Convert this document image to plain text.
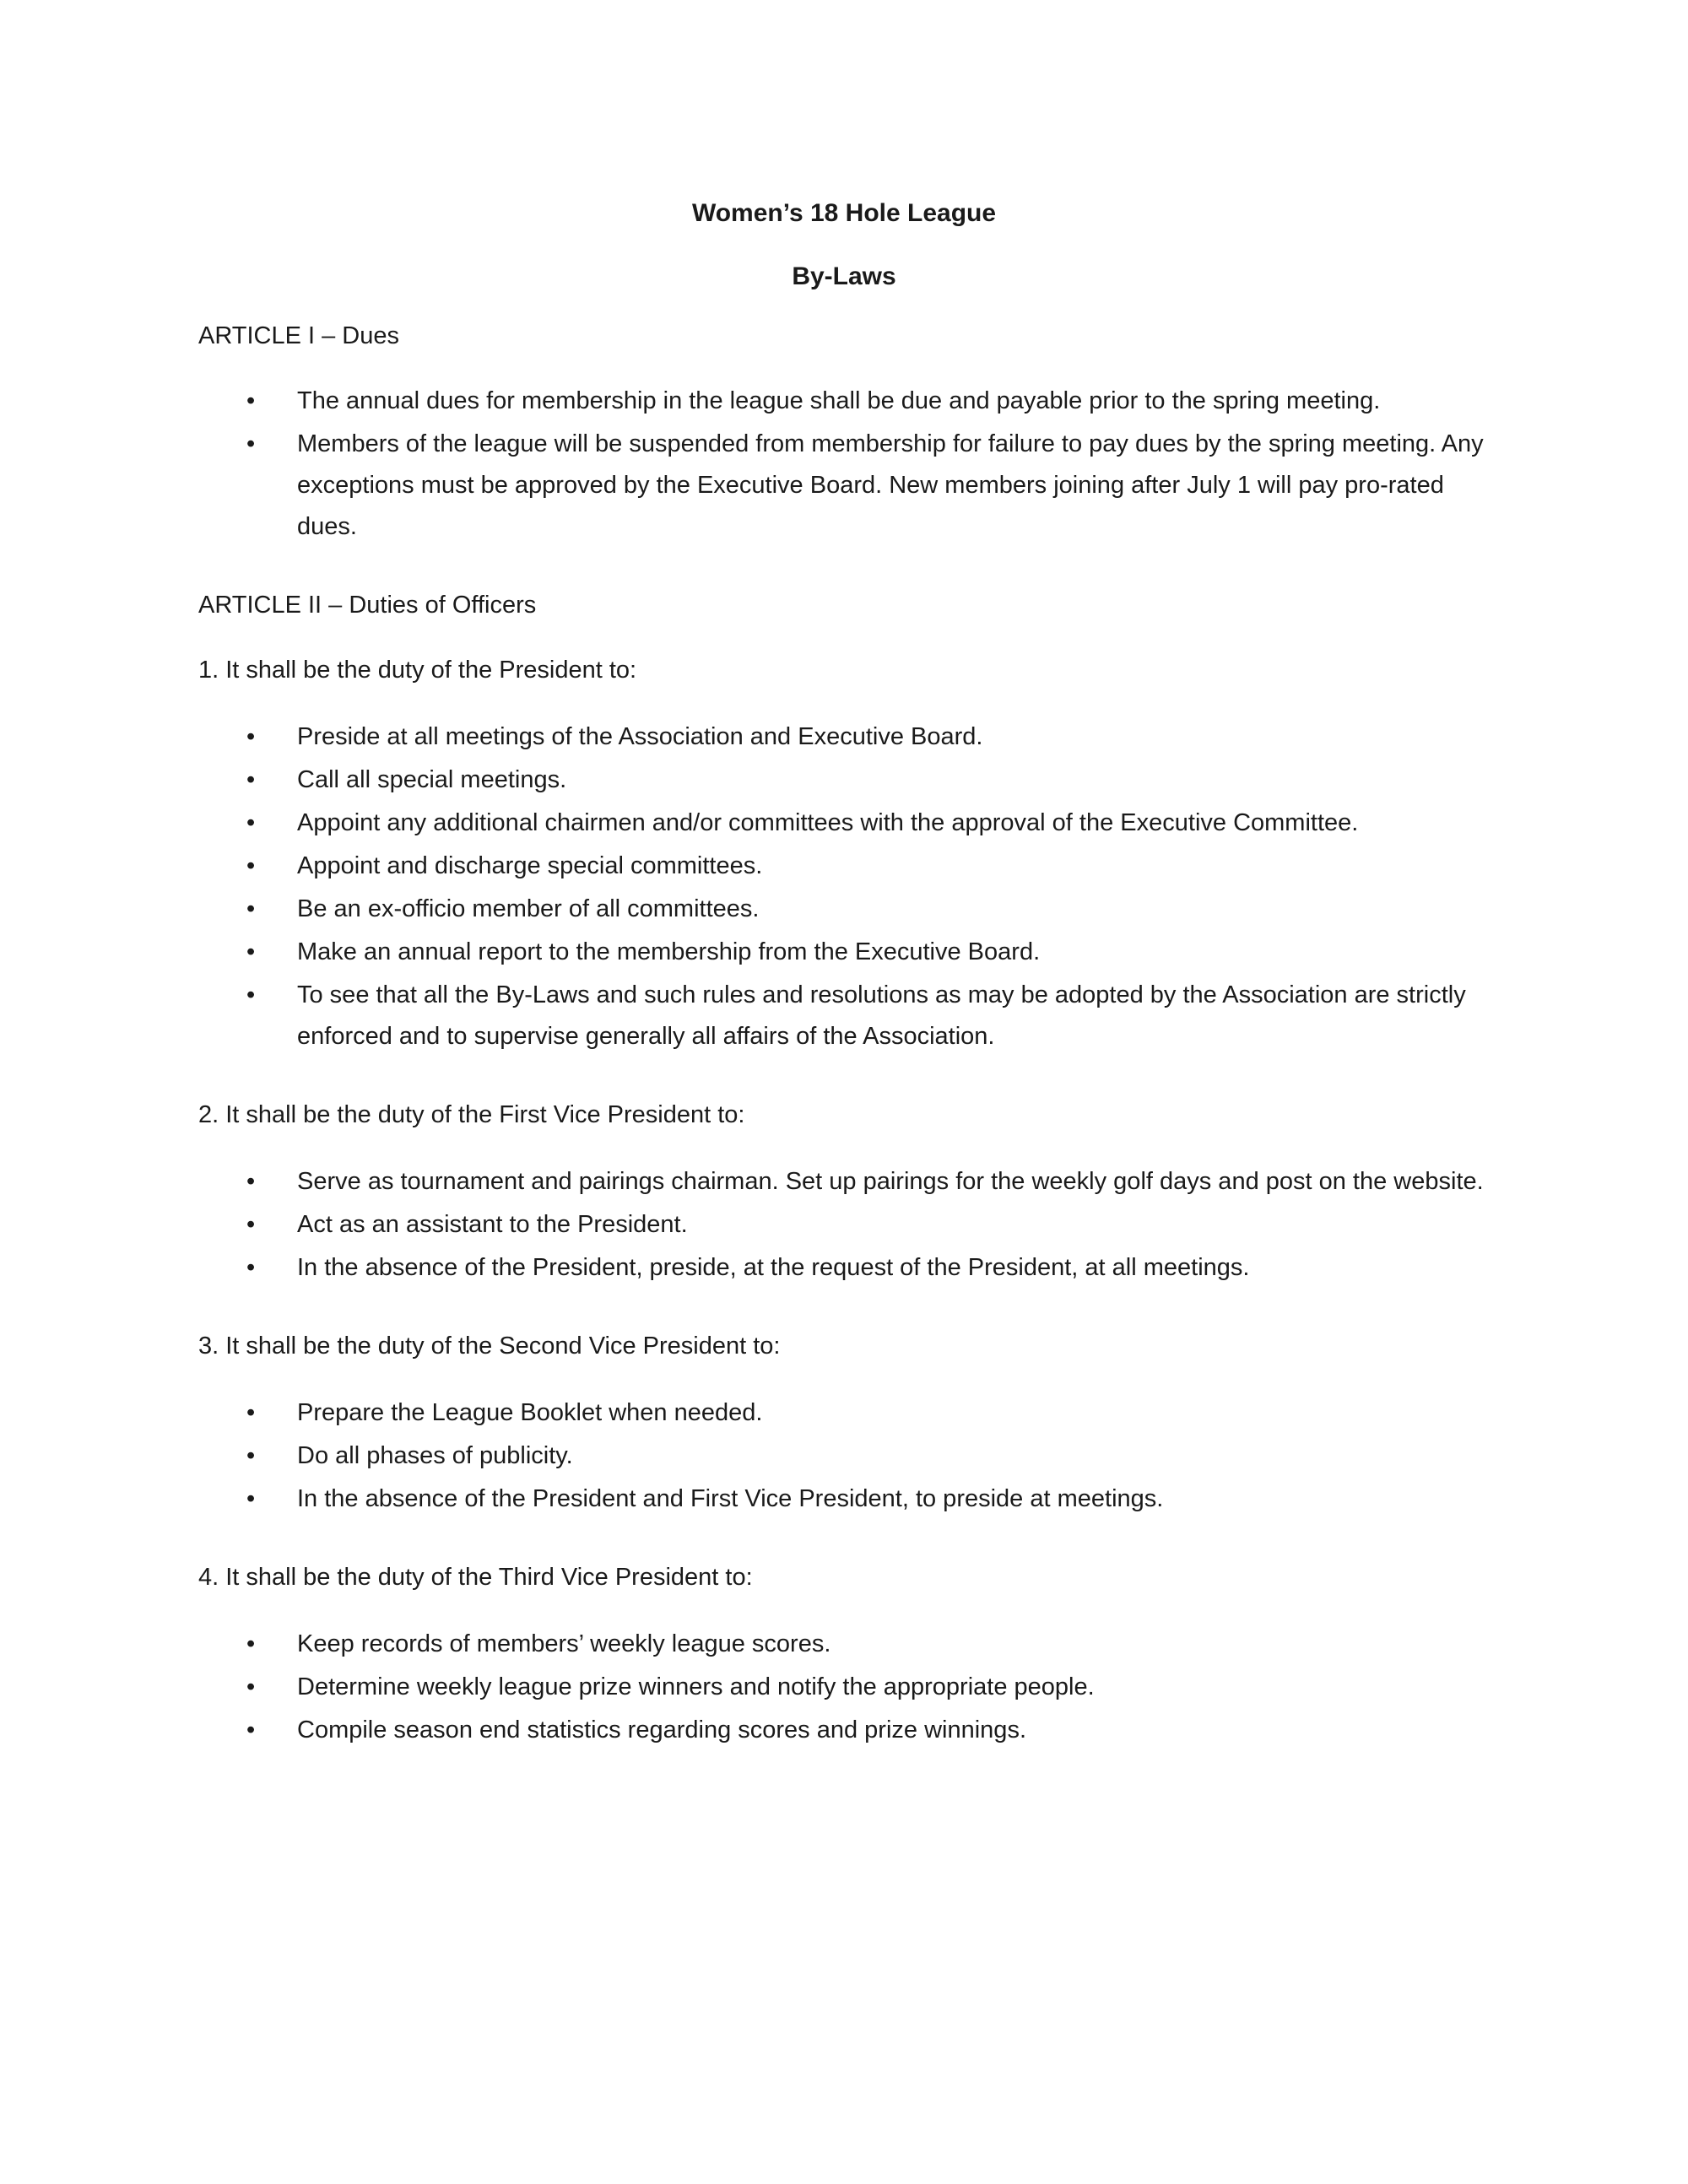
Women’s 18 Hole League

By-Laws

ARTICLE I – Dues

• The annual dues for membership in the league shall be due and payable prior to the spring meeting.
• Members of the league will be suspended from membership for failure to pay dues by the spring meeting. Any exceptions must be approved by the Executive Board. New members joining after July 1 will pay pro-rated dues.

ARTICLE II – Duties of Officers

1. It shall be the duty of the President to:

• Preside at all meetings of the Association and Executive Board.
• Call all special meetings.
• Appoint any additional chairmen and/or committees with the approval of the Executive Committee.
• Appoint and discharge special committees.
• Be an ex-officio member of all committees.
• Make an annual report to the membership from the Executive Board.
• To see that all the By-Laws and such rules and resolutions as may be adopted by the Association are strictly enforced and to supervise generally all affairs of the Association.

2. It shall be the duty of the First Vice President to:

• Serve as tournament and pairings chairman. Set up pairings for the weekly golf days and post on the website.
• Act as an assistant to the President.
• In the absence of the President, preside, at the request of the President, at all meetings.

3. It shall be the duty of the Second Vice President to:

• Prepare the League Booklet when needed.
• Do all phases of publicity.
• In the absence of the President and First Vice President, to preside at meetings.

4. It shall be the duty of the Third Vice President to:

• Keep records of members’ weekly league scores.
• Determine weekly league prize winners and notify the appropriate people.
• Compile season end statistics regarding scores and prize winnings.
